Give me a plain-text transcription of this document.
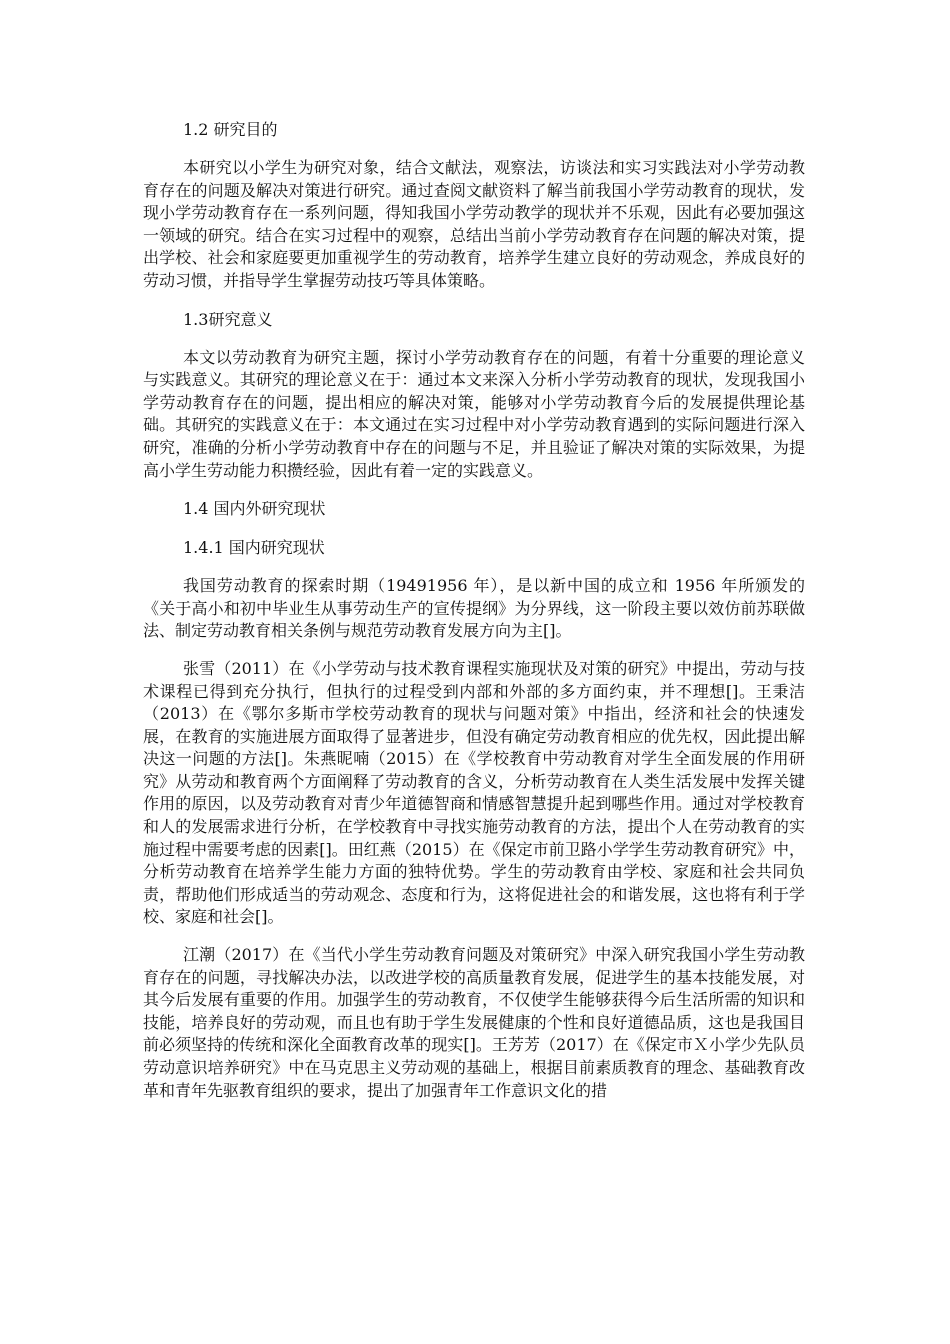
1.2 研究目的

本研究以小学生为研究对象，结合文献法，观察法，访谈法和实习实践法对小学劳动教育存在的问题及解决对策进行研究。通过查阅文献资料了解当前我国小学劳动教育的现状，发现小学劳动教育存在一系列问题，得知我国小学劳动教学的现状并不乐观，因此有必要加强这一领域的研究。结合在实习过程中的观察，总结出当前小学劳动教育存在问题的解决对策，提出学校、社会和家庭要更加重视学生的劳动教育，培养学生建立良好的劳动观念，养成良好的劳动习惯，并指导学生掌握劳动技巧等具体策略。

1.3研究意义

本文以劳动教育为研究主题，探讨小学劳动教育存在的问题，有着十分重要的理论意义与实践意义。其研究的理论意义在于：通过本文来深入分析小学劳动教育的现状，发现我国小学劳动教育存在的问题，提出相应的解决对策，能够对小学劳动教育今后的发展提供理论基础。其研究的实践意义在于：本文通过在实习过程中对小学劳动教育遇到的实际问题进行深入研究，准确的分析小学劳动教育中存在的问题与不足，并且验证了解决对策的实际效果，为提高小学生劳动能力积攒经验，因此有着一定的实践意义。

1.4 国内外研究现状
1.4.1 国内研究现状

我国劳动教育的探索时期（19491956 年），是以新中国的成立和 1956 年所颁发的《关于高小和初中毕业生从事劳动生产的宣传提纲》为分界线，这一阶段主要以效仿前苏联做法、制定劳动教育相关条例与规范劳动教育发展方向为主[]。

张雪（2011）在《小学劳动与技术教育课程实施现状及对策的研究》中提出，劳动与技术课程已得到充分执行，但执行的过程受到内部和外部的多方面约束，并不理想[]。王秉洁（2013）在《鄂尔多斯市学校劳动教育的现状与问题对策》中指出，经济和社会的快速发展，在教育的实施进展方面取得了显著进步，但没有确定劳动教育相应的优先权，因此提出解决这一问题的方法[]。朱燕昵喃（2015）在《学校教育中劳动教育对学生全面发展的作用研究》从劳动和教育两个方面阐释了劳动教育的含义，分析劳动教育在人类生活发展中发挥关键作用的原因，以及劳动教育对青少年道德智商和情感智慧提升起到哪些作用。通过对学校教育和人的发展需求进行分析，在学校教育中寻找实施劳动教育的方法，提出个人在劳动教育的实施过程中需要考虑的因素[]。田红燕（2015）在《保定市前卫路小学学生劳动教育研究》中，分析劳动教育在培养学生能力方面的独特优势。学生的劳动教育由学校、家庭和社会共同负责，帮助他们形成适当的劳动观念、态度和行为，这将促进社会的和谐发展，这也将有利于学校、家庭和社会[]。

江潮（2017）在《当代小学生劳动教育问题及对策研究》中深入研究我国小学生劳动教育存在的问题，寻找解决办法，以改进学校的高质量教育发展，促进学生的基本技能发展，对其今后发展有重要的作用。加强学生的劳动教育，不仅使学生能够获得今后生活所需的知识和技能，培养良好的劳动观，而且也有助于学生发展健康的个性和良好道德品质，这也是我国目前必须坚持的传统和深化全面教育改革的现实[]。王芳芳（2017）在《保定市Ｘ小学少先队员劳动意识培养研究》中在马克思主义劳动观的基础上，根据目前素质教育的理念、基础教育改革和青年先驱教育组织的要求，提出了加强青年工作意识文化的措
